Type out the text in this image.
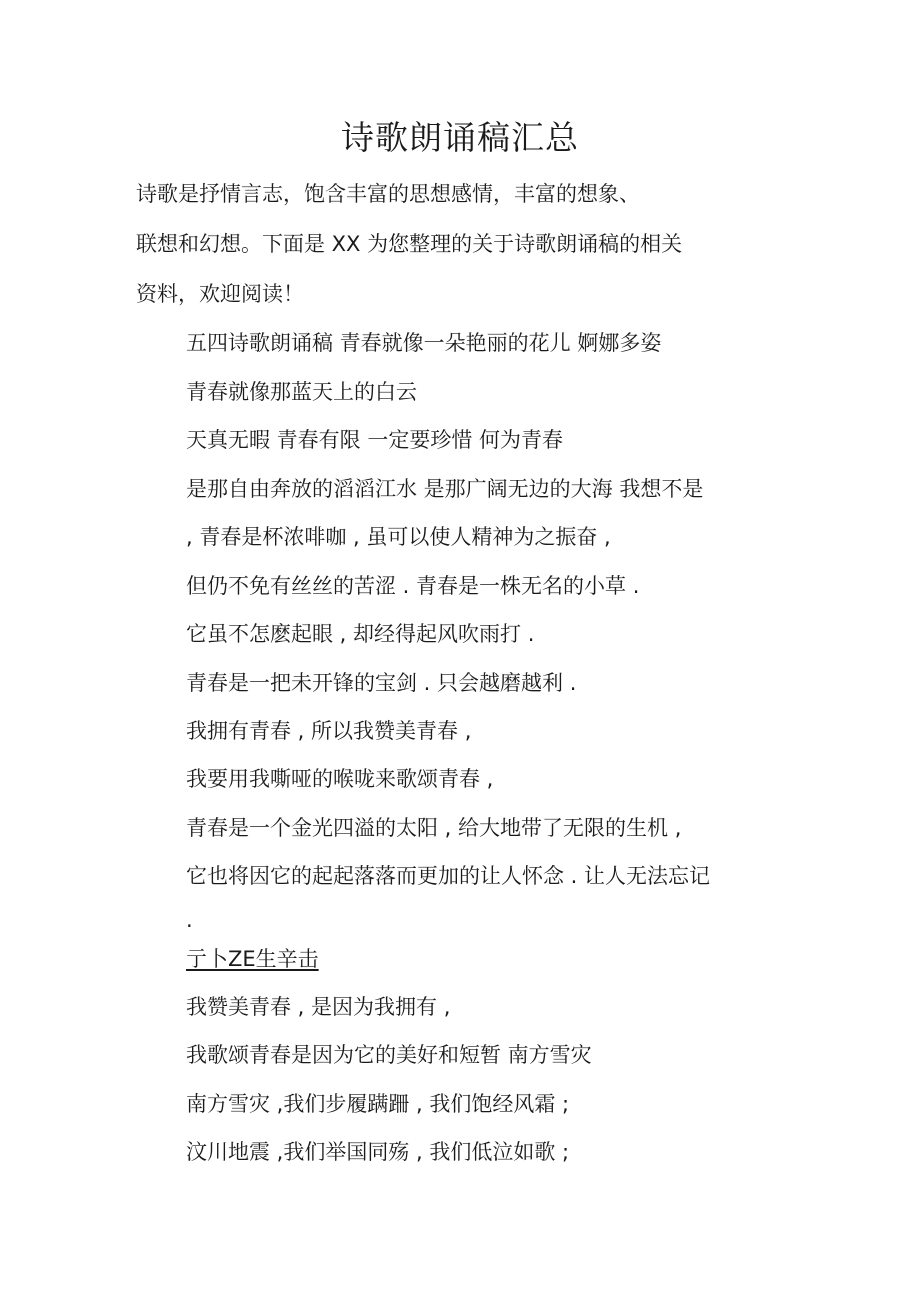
诗歌朗诵稿汇总
诗歌是抒情言志，饱含丰富的思想感情，丰富的想象、
联想和幻想。下面是 XX 为您整理的关于诗歌朗诵稿的相关
资料，欢迎阅读！
五四诗歌朗诵稿 青春就像一朵艳丽的花儿 婀娜多姿
青春就像那蓝天上的白云
天真无暇 青春有限 一定要珍惜 何为青春
是那自由奔放的滔滔江水 是那广阔无边的大海 我想不是
, 青春是杯浓啡咖 , 虽可以使人精神为之振奋 ,
但仍不免有丝丝的苦涩 . 青春是一株无名的小草 .
它虽不怎麽起眼 , 却经得起风吹雨打 .
青春是一把未开锋的宝剑 . 只会越磨越利 .
我拥有青春 , 所以我赞美青春 ,
我要用我嘶哑的喉咙来歌颂青春 ,
青春是一个金光四溢的太阳 , 给大地带了无限的生机 ,
它也将因它的起起落落而更加的让人怀念 . 让人无法忘记
.
亍卜ZE生辛击
我赞美青春 , 是因为我拥有 ,
我歌颂青春是因为它的美好和短暂 南方雪灾
南方雪灾 ,我们步履蹒跚 , 我们饱经风霜 ;
汶川地震 ,我们举国同殇 , 我们低泣如歌 ;
